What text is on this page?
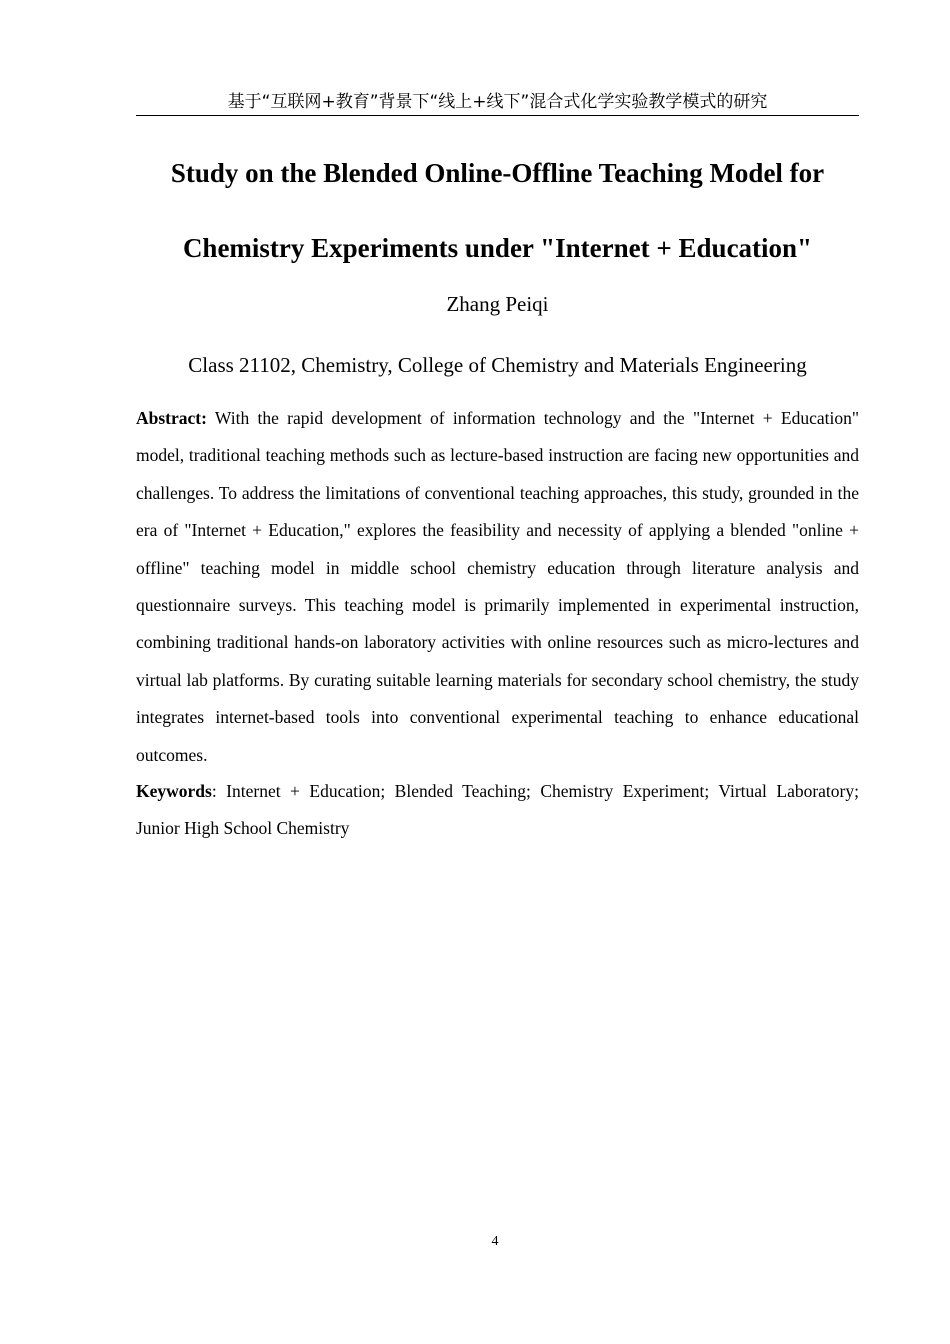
基于“互联网+教育”背景下“线上+线下”混合式化学实验教学模式的研究
Study on the Blended Online-Offline Teaching Model for
Chemistry Experiments under "Internet + Education"
Zhang Peiqi
Class 21102, Chemistry, College of Chemistry and Materials Engineering

Abstract: With the rapid development of information technology and the "Internet + Education" model, traditional teaching methods such as lecture-based instruction are facing new opportunities and challenges. To address the limitations of conventional teaching approaches, this study, grounded in the era of "Internet + Education," explores the feasibility and necessity of applying a blended "online + offline" teaching model in middle school chemistry education through literature analysis and questionnaire surveys. This teaching model is primarily implemented in experimental instruction, combining traditional hands-on laboratory activities with online resources such as micro-lectures and virtual lab platforms. By curating suitable learning materials for secondary school chemistry, the study integrates internet-based tools into conventional experimental teaching to enhance educational outcomes.

Keywords: Internet + Education; Blended Teaching; Chemistry Experiment; Virtual Laboratory; Junior High School Chemistry

4
